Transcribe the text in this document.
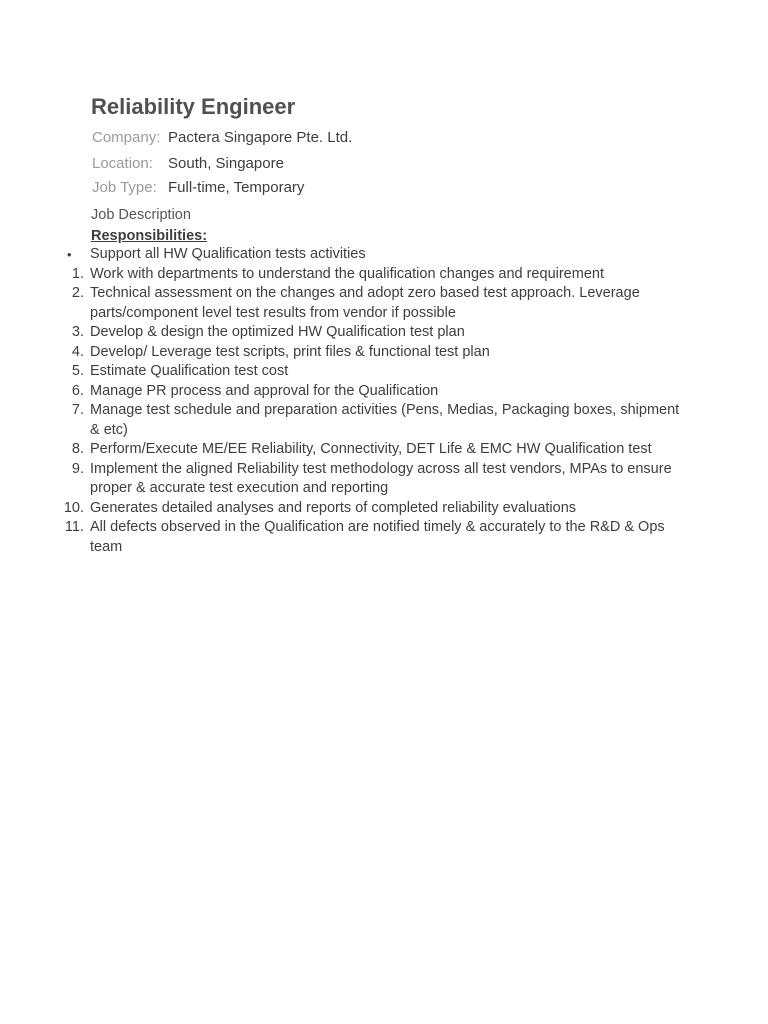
Reliability Engineer
Company: Pactera Singapore Pte. Ltd.
Location: South, Singapore
Job Type: Full-time, Temporary
Job Description
Responsibilities:
• Support all HW Qualification tests activities
1. Work with departments to understand the qualification changes and requirement
2. Technical assessment on the changes and adopt zero based test approach. Leverage parts/component level test results from vendor if possible
3. Develop & design the optimized HW Qualification test plan
4. Develop/ Leverage test scripts, print files & functional test plan
5. Estimate Qualification test cost
6. Manage PR process and approval for the Qualification
7. Manage test schedule and preparation activities (Pens, Medias, Packaging boxes, shipment & etc)
8. Perform/Execute ME/EE Reliability, Connectivity, DET Life & EMC HW Qualification test
9. Implement the aligned Reliability test methodology across all test vendors, MPAs to ensure proper & accurate test execution and reporting
10. Generates detailed analyses and reports of completed reliability evaluations
11. All defects observed in the Qualification are notified timely & accurately to the R&D & Ops team
